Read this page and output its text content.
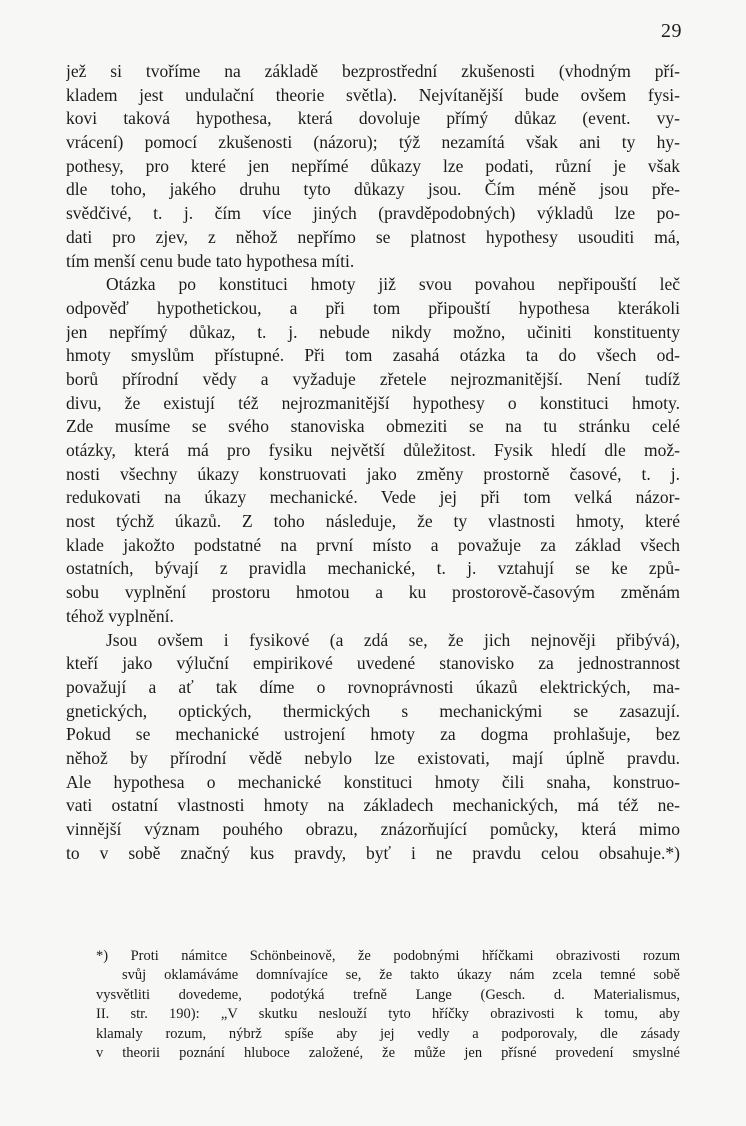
29
jež si tvoříme na základě bezprostřední zkušenosti (vhodným pří-
kladem jest undulační theorie světla). Nejvítanější bude ovšem fysi-
kovi taková hypothesa, která dovoluje přímý důkaz (event. vy-
vrácení) pomocí zkušenosti (názoru); týž nezamítá však ani ty hy-
pothesy, pro které jen nepřímé důkazy lze podati, různí je však
dle toho, jakého druhu tyto důkazy jsou. Čím méně jsou pře-
svědčivé, t. j. čím více jiných (pravděpodobných) výkladů lze po-
dati pro zjev, z něhož nepřímo se platnost hypothesy usouditi má,
tím menší cenu bude tato hypothesa míti.
Otázka po konstituci hmoty již svou povahou nepřipouští leč
odpověď hypothetickou, a při tom připouští hypothesa kterákoli
jen nepřímý důkaz, t. j. nebude nikdy možno, učiniti konstituenty
hmoty smyslům přístupné. Při tom zasahá otázka ta do všech od-
borů přírodní vědy a vyžaduje zřetele nejrozmanitější. Není tudíž
divu, že existují též nejrozmanitější hypothesy o konstituci hmoty.
Zde musíme se svého stanoviska obmeziti se na tu stránku celé
otázky, která má pro fysiku největší důležitost. Fysik hledí dle mož-
nosti všechny úkazy konstruovati jako změny prostorně časové, t. j.
redukovati na úkazy mechanické. Vede jej při tom velká názor-
nost týchž úkazů. Z toho následuje, že ty vlastnosti hmoty, které
klade jakožto podstatné na první místo a považuje za základ všech
ostatních, bývají z pravidla mechanické, t. j. vztahují se ke způ-
sobu vyplnění prostoru hmotou a ku prostorově-časovým změnám
téhož vyplnění.
Jsou ovšem i fysikové (a zdá se, že jich nejnověji přibývá),
kteří jako výluční empirikové uvedené stanovisko za jednostrannost
považují a ať tak díme o rovnoprávnosti úkazů elektrických, ma-
gnetických, optických, thermických s mechanickými se zasazují.
Pokud se mechanické ustrojení hmoty za dogma prohlašuje, bez
něhož by přírodní vědě nebylo lze existovati, mají úplně pravdu.
Ale hypothesa o mechanické konstituci hmoty čili snaha, konstruo-
vati ostatní vlastnosti hmoty na základech mechanických, má též ne-
vinnější význam pouhého obrazu, znázorňující pomůcky, která mimo
to v sobě značný kus pravdy, byť i ne pravdu celou obsahuje.*)
*) Proti námitce Schönbeinově, že podobnými hříčkami obrazivosti rozum
svůj oklamáváme domnívajíce se, že takto úkazy nám zcela temné sobě
vysvětliti dovedeme, podotýká trefně Lange (Gesch. d. Materialismus,
II. str. 190): „V skutku neslouží tyto hříčky obrazivosti k tomu, aby
klamaly rozum, nýbrž spíše aby jej vedly a podporovaly, dle zásady
v theorii poznání hluboce založené, že může jen přísné provedení smyslné
